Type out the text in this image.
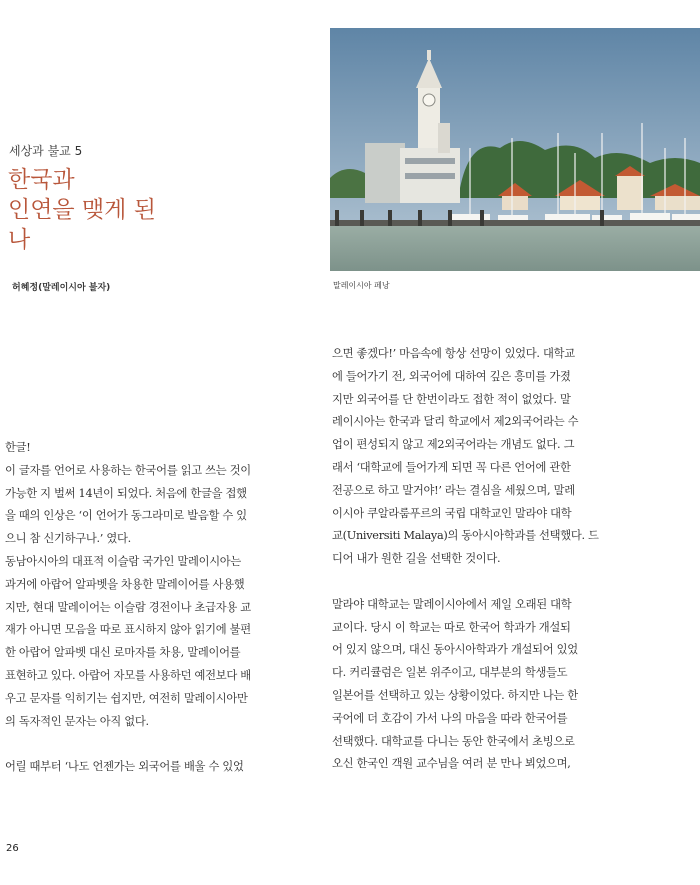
세상과 불교 5
한국과
인연을 맺게 된
나
허혜정(말레이시아 불자)	말레이시아 페낭

한글!

이 글자를 언어로 사용하는 한국어를 읽고 쓰는 것이

가능한 지 벌써 14년이 되었다. 처음에 한글을 접했

을 때의 인상은 ‘이 언어가 동그라미로 발음할 수 있

으니 참 신기하구나.’ 였다.

동남아시아의 대표적 이슬람 국가인 말레이시아는

과거에 아랍어 알파벳을 차용한 말레이어를 사용했

지만, 현대 말레이어는 이슬람 경전이나 초급자용 교

재가 아니면 모음을 따로 표시하지 않아 읽기에 불편

한 아랍어 알파벳 대신 로마자를 차용, 말레이어를

표현하고 있다. 아랍어 자모를 사용하던 예전보다 배

우고 문자를 익히기는 쉽지만, 여전히 말레이시아만

의 독자적인 문자는 아직 없다.

어릴 때부터 ‘나도 언젠가는 외국어를 배울 수 있었

으면 좋겠다!’ 마음속에 항상 선망이 있었다. 대학교

에 들어가기 전, 외국어에 대하여 깊은 흥미를 가졌

지만 외국어를 단 한번이라도 접한 적이 없었다. 말

레이시아는 한국과 달리 학교에서 제2외국어라는 수

업이 편성되지 않고 제2외국어라는 개념도 없다. 그

래서 ‘대학교에 들어가게 되면 꼭 다른 언어에 관한

전공으로 하고 말거야!’ 라는 결심을 세웠으며, 말레

이시아 쿠알라룸푸르의 국립 대학교인 말라야 대학

교(Universiti Malaya)의 동아시아학과를 선택했다. 드

디어 내가 원한 길을 선택한 것이다.

말라야 대학교는 말레이시아에서 제일 오래된 대학

교이다. 당시 이 학교는 따로 한국어 학과가 개설되

어 있지 않으며, 대신 동아시아학과가 개설되어 있었

다. 커리큘럼은 일본 위주이고, 대부분의 학생들도

일본어를 선택하고 있는 상황이었다. 하지만 나는 한

국어에 더 호감이 가서 나의 마음을 따라 한국어를

선택했다. 대학교를 다니는 동안 한국에서 초빙으로

오신 한국인 객원 교수님을 여러 분 만나 뵈었으며,

26
